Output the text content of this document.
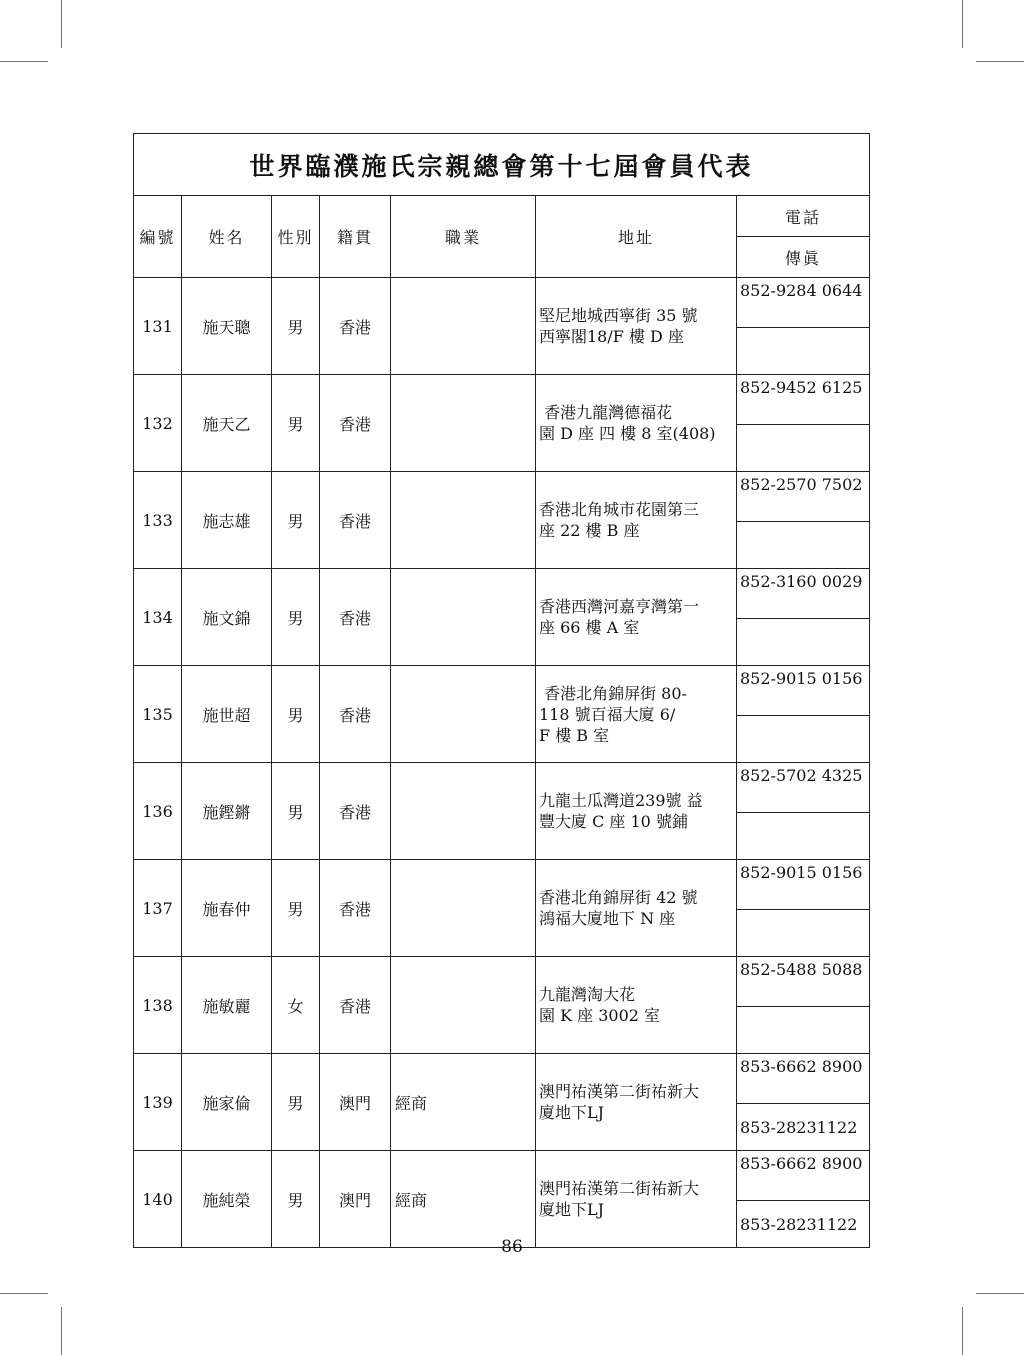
世界臨濮施氏宗親總會第十七屆會員代表						
編號	姓名	性別	籍貫	職業	地址	電話
						傳眞
131	施天聰	男	香港		堅尼地城西寧街 35 號
西寧閣18/F 樓 D 座	852-9284 0644

132	施天乙	男	香港		香港九龍灣德福花
園 D 座 四 樓 8 室(408)	852-9452 6125

133	施志雄	男	香港		香港北角城市花園第三
座 22 樓 B 座	852-2570 7502

134	施文錦	男	香港		香港西灣河嘉亨灣第一
座 66 樓 A 室	852-3160 0029

135	施世超	男	香港		香港北角錦屏街 80-
118 號百福大廈 6/
F 樓 B 室	852-9015 0156

136	施鏗鏘	男	香港		九龍土瓜灣道239號 益
豐大廈 C 座 10 號鋪	852-5702 4325

137	施春仲	男	香港		香港北角錦屏街 42 號
鴻福大廈地下 N 座	852-9015 0156

138	施敏麗	女	香港		九龍灣淘大花
園 K 座 3002 室	852-5488 5088

139	施家倫	男	澳門	經商	澳門祐漢第二街祐新大
廈地下LJ	853-6662 8900
						853-28231122
140	施純榮	男	澳門	經商	澳門祐漢第二街祐新大
廈地下LJ	853-6662 8900
						853-28231122
86
